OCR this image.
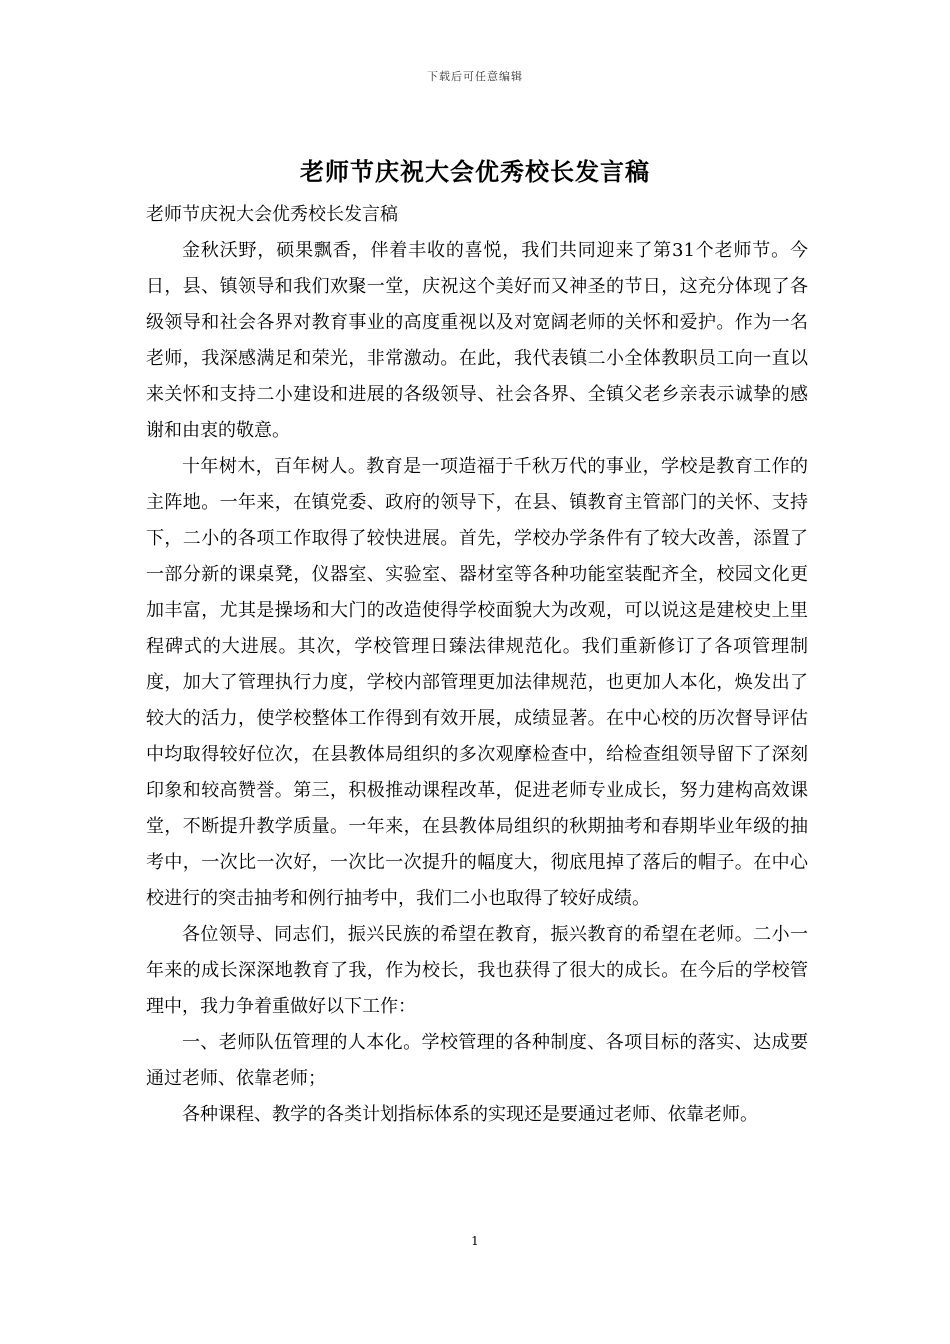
下载后可任意编辑
老师节庆祝大会优秀校长发言稿

老师节庆祝大会优秀校长发言稿

金秋沃野，硕果飘香，伴着丰收的喜悦，我们共同迎来了第31个老师节。今日，县、镇领导和我们欢聚一堂，庆祝这个美好而又神圣的节日，这充分体现了各级领导和社会各界对教育事业的高度重视以及对宽阔老师的关怀和爱护。作为一名老师，我深感满足和荣光，非常激动。在此，我代表镇二小全体教职员工向一直以来关怀和支持二小建设和进展的各级领导、社会各界、全镇父老乡亲表示诚挚的感谢和由衷的敬意。

十年树木，百年树人。教育是一项造福于千秋万代的事业，学校是教育工作的主阵地。一年来，在镇党委、政府的领导下，在县、镇教育主管部门的关怀、支持下，二小的各项工作取得了较快进展。首先，学校办学条件有了较大改善，添置了一部分新的课桌凳，仪器室、实验室、器材室等各种功能室装配齐全，校园文化更加丰富，尤其是操场和大门的改造使得学校面貌大为改观，可以说这是建校史上里程碑式的大进展。其次，学校管理日臻法律规范化。我们重新修订了各项管理制度，加大了管理执行力度，学校内部管理更加法律规范，也更加人本化，焕发出了较大的活力，使学校整体工作得到有效开展，成绩显著。在中心校的历次督导评估中均取得较好位次，在县教体局组织的多次观摩检查中，给检查组领导留下了深刻印象和较高赞誉。第三，积极推动课程改革，促进老师专业成长，努力建构高效课堂，不断提升教学质量。一年来，在县教体局组织的秋期抽考和春期毕业年级的抽考中，一次比一次好，一次比一次提升的幅度大，彻底甩掉了落后的帽子。在中心校进行的突击抽考和例行抽考中，我们二小也取得了较好成绩。

各位领导、同志们，振兴民族的希望在教育，振兴教育的希望在老师。二小一年来的成长深深地教育了我，作为校长，我也获得了很大的成长。在今后的学校管理中，我力争着重做好以下工作：

一、老师队伍管理的人本化。学校管理的各种制度、各项目标的落实、达成要通过老师、依靠老师；

各种课程、教学的各类计划指标体系的实现还是要通过老师、依靠老师。

1
